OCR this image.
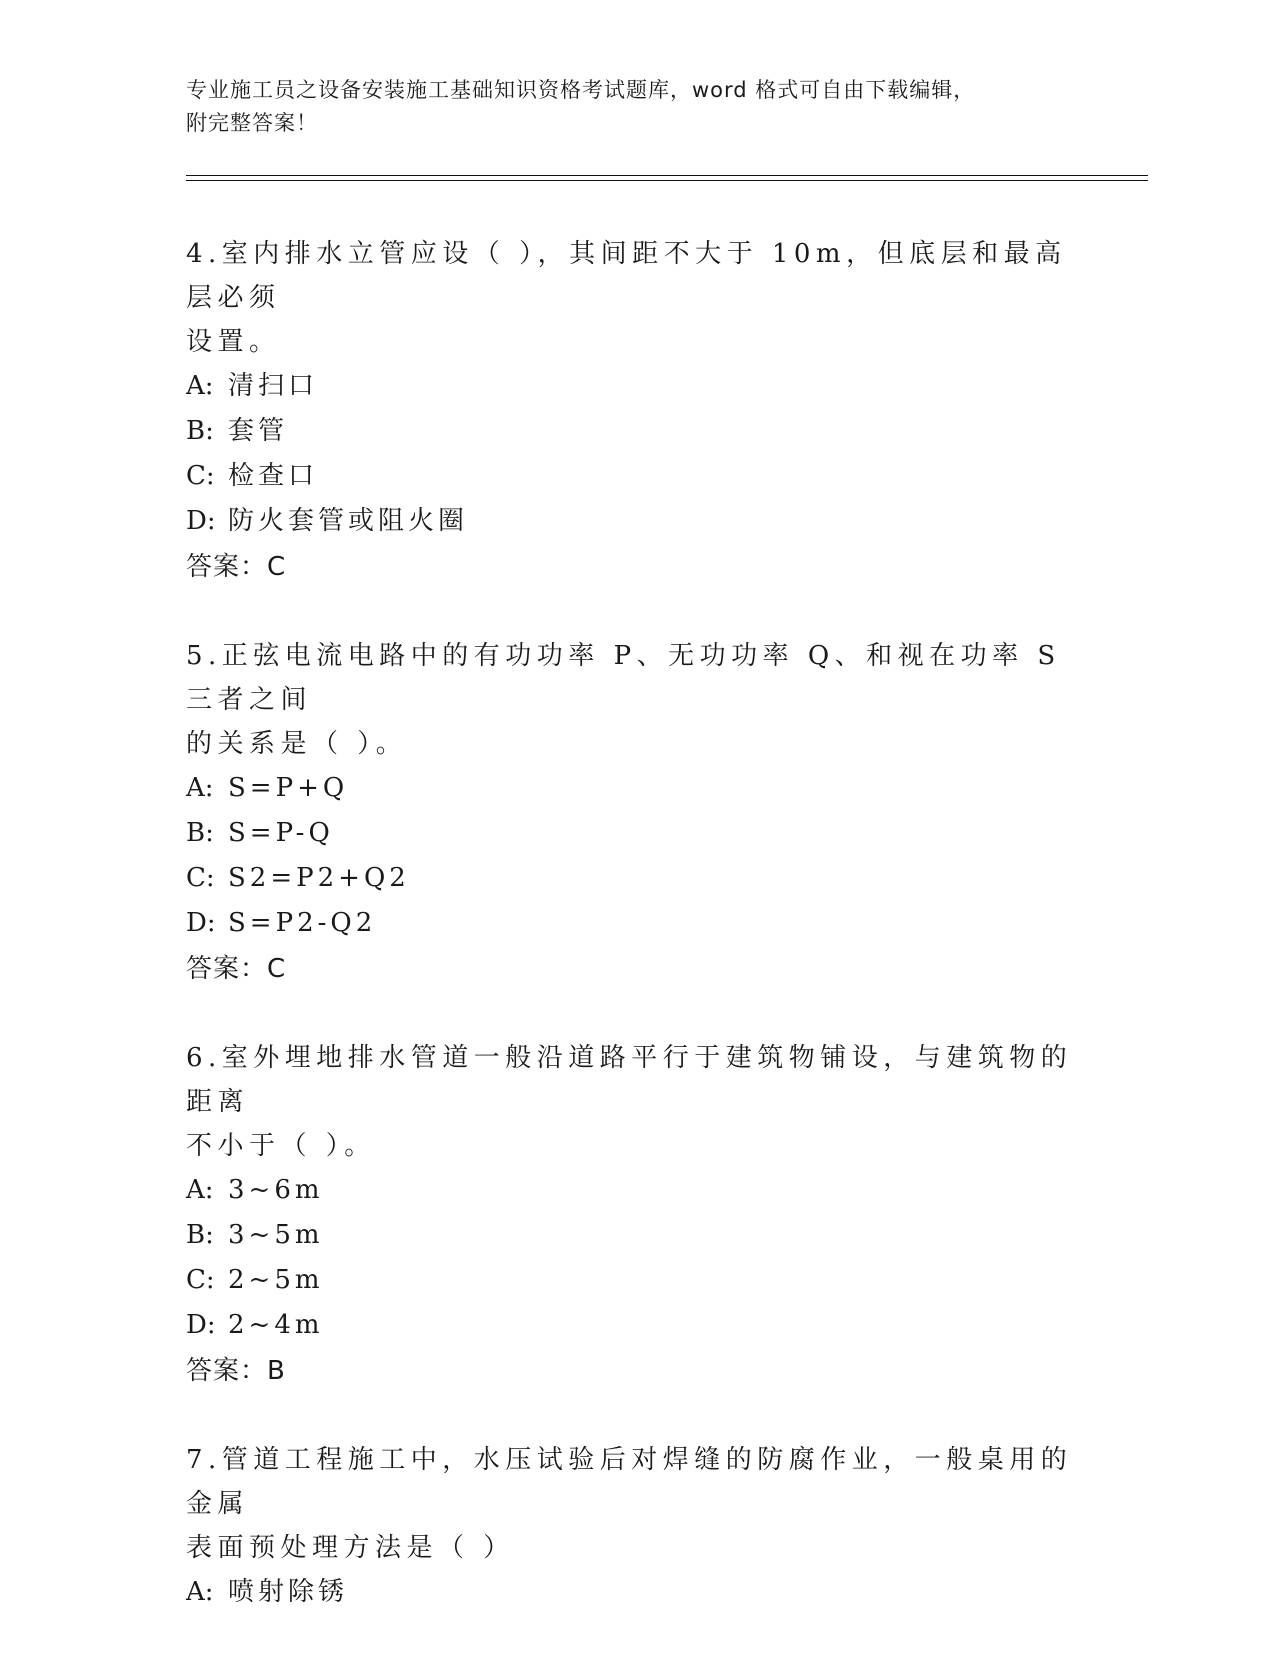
专业施工员之设备安装施工基础知识资格考试题库，word 格式可自由下载编辑，
附完整答案！
4.室内排水立管应设（ ），其间距不大于 10m，但底层和最高层必须
设置。
A: 清扫口
B: 套管
C: 检查口
D: 防火套管或阻火圈
答案：C
5.正弦电流电路中的有功功率 P、无功功率 Q、和视在功率 S 三者之间
的关系是（ ）。
A: S=P+Q
B: S=P-Q
C: S2=P2+Q2
D: S=P2-Q2
答案：C
6.室外埋地排水管道一般沿道路平行于建筑物铺设，与建筑物的距离
不小于（ ）。
A: 3~6m
B: 3~5m
C: 2~5m
D: 2~4m
答案：B
7.管道工程施工中，水压试验后对焊缝的防腐作业，一般桌用的金属
表面预处理方法是（ ）
A: 喷射除锈
